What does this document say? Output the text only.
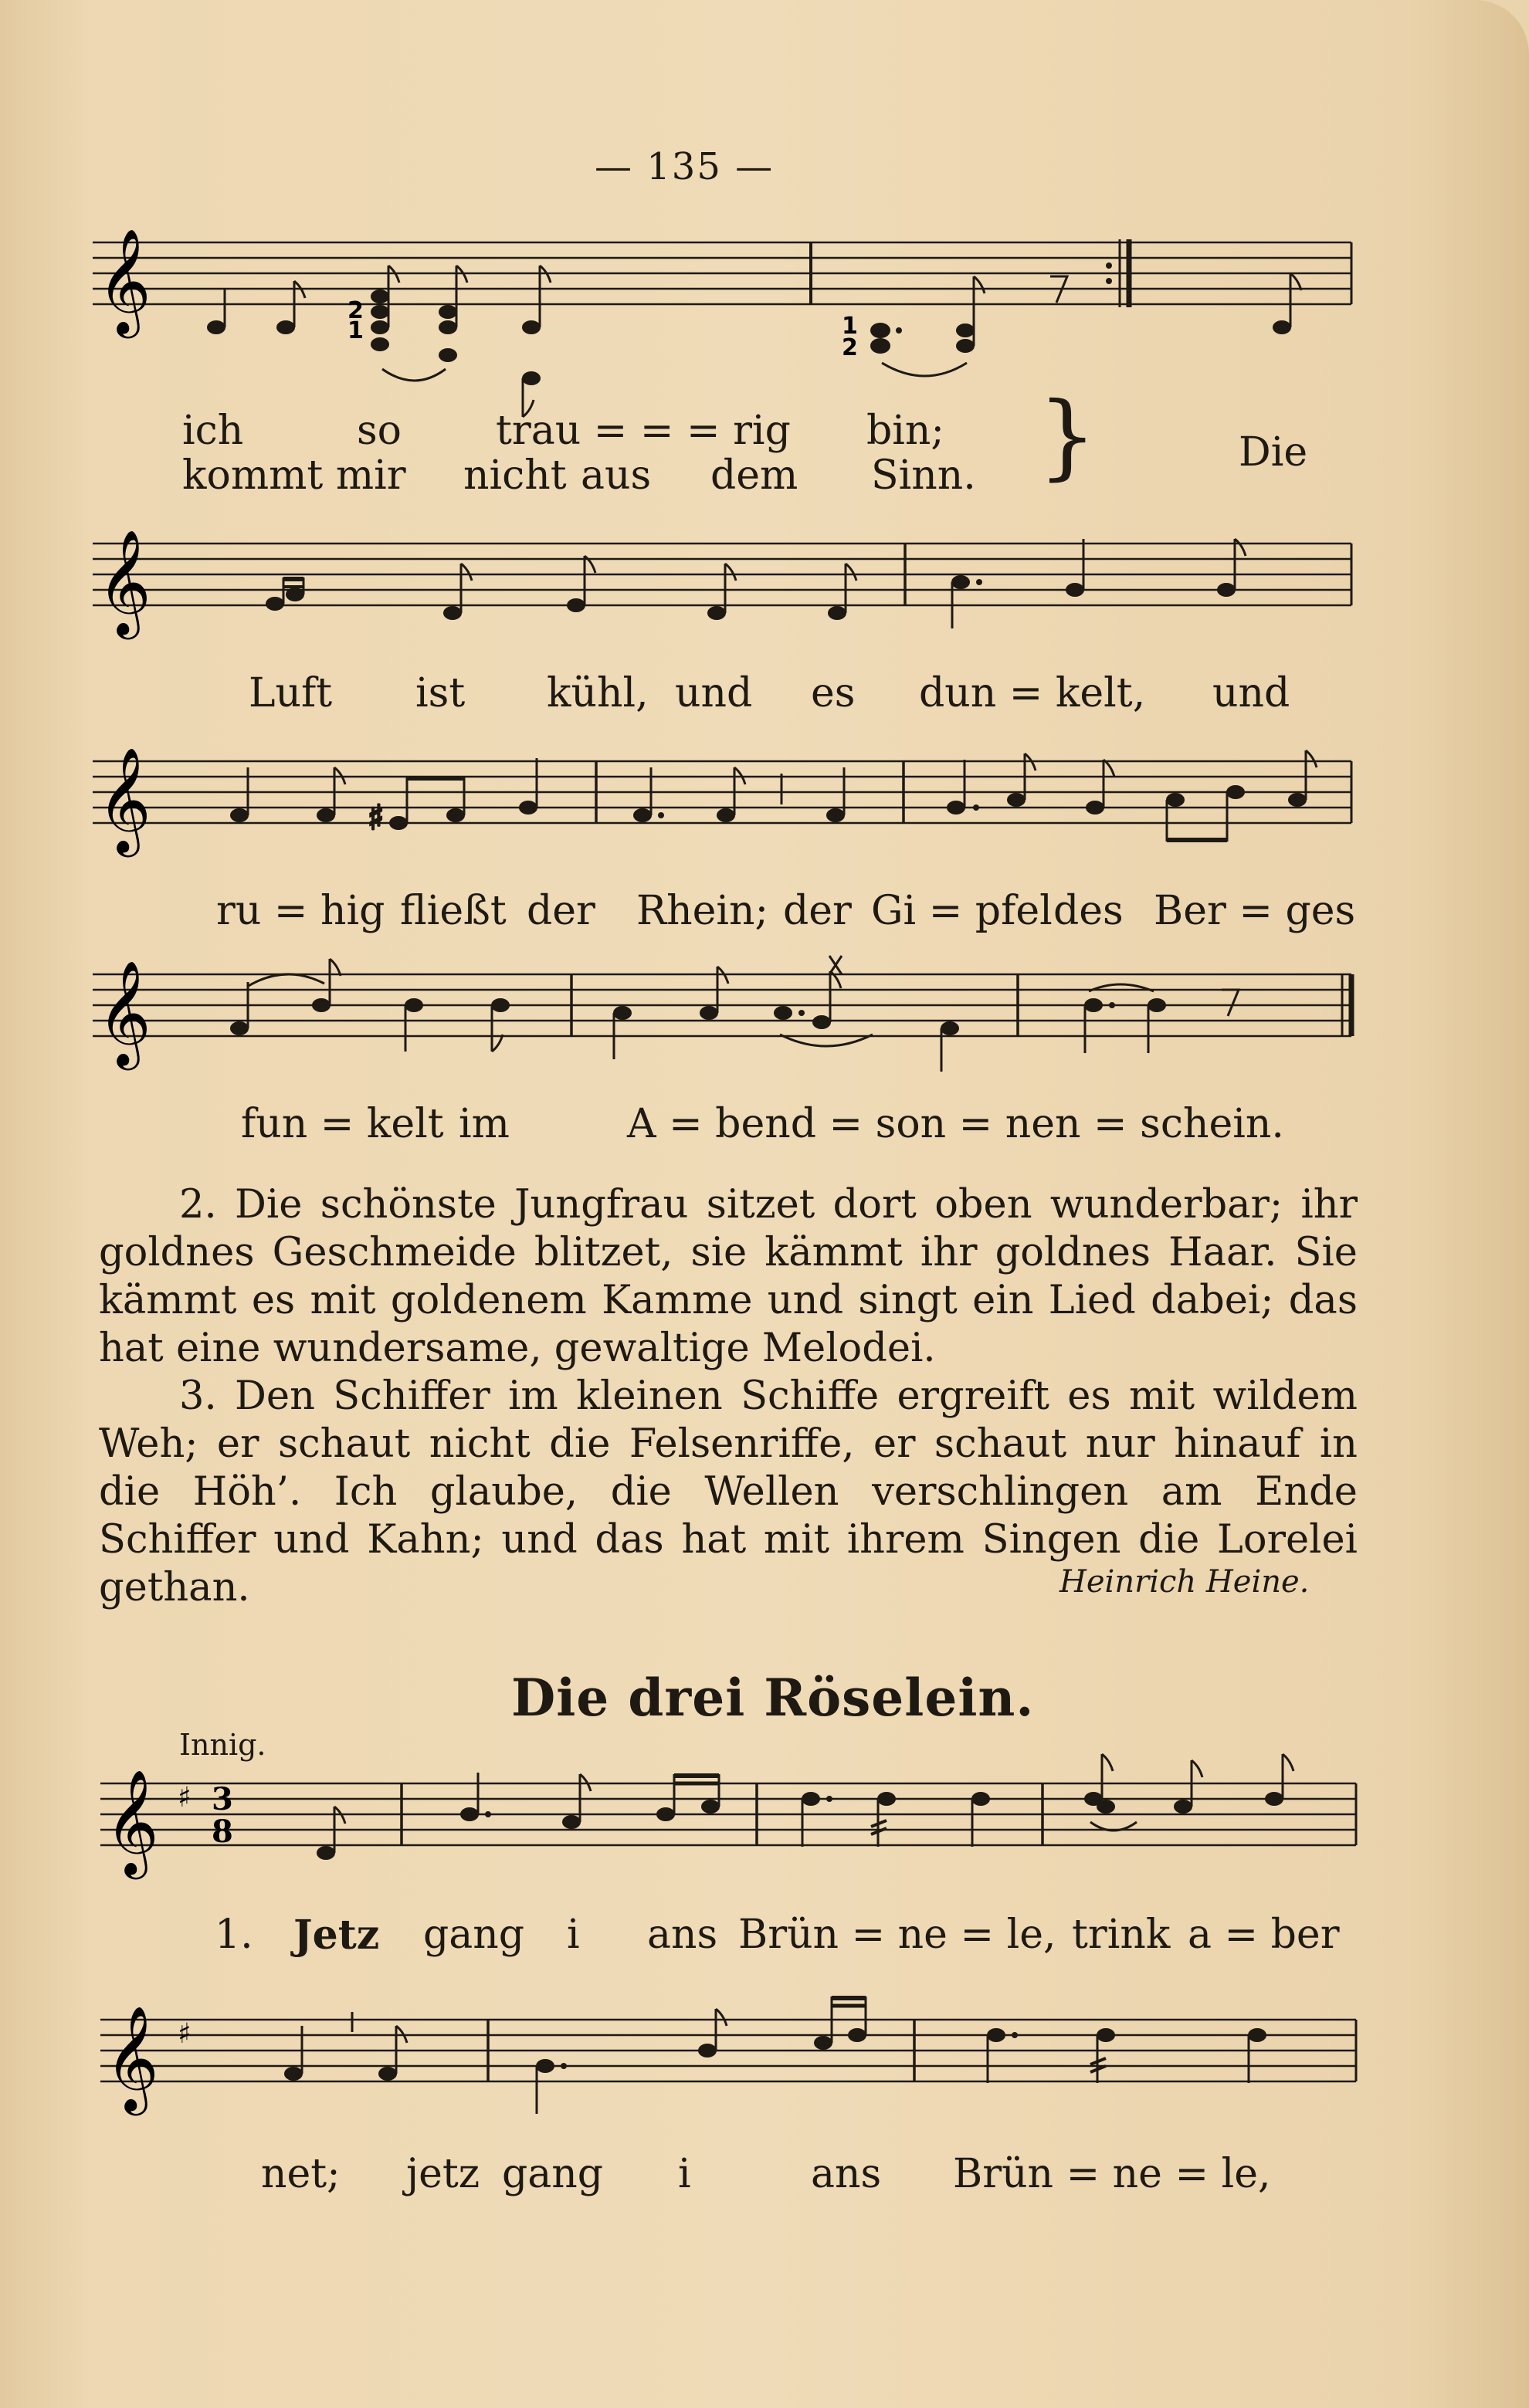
— 135 —
𝄞	2
1	1
2
ich	so trau = = = rig bin;
kommt mir nicht aus dem Sinn. }	Die
𝄞
Luft ist kühl, und es dun = kelt, und
𝄞	♯
ru = hig fließt der Rhein; der Gi = pfel des Ber = ges
𝄞
fun = kelt im	A = bend = son = nen = schein.
2. Die schönste Jungfrau sitzet dort oben wunderbar; ihr goldnes Geschmeide blitzet, sie kämmt ihr goldnes Haar. Sie kämmt es mit goldenem Kamme und singt ein Lied dabei; das hat eine wundersame, gewaltige Melodei.
3. Den Schiffer im kleinen Schiffe ergreift es mit wildem Weh; er schaut nicht die Felsenriffe, er schaut nur hinauf in die Höh’. Ich glaube, die Wellen verschlingen am Ende Schiffer und Kahn; und das hat mit ihrem Singen die Lorelei gethan.	Heinrich Heine.
Die drei Röselein.
Innig.
𝄞 ♯ 3
8
1. Jetz gang i ans Brün = ne = le, trink a = ber
𝄞 ♯
net; jetz gang i	ans Brün = ne = le,
